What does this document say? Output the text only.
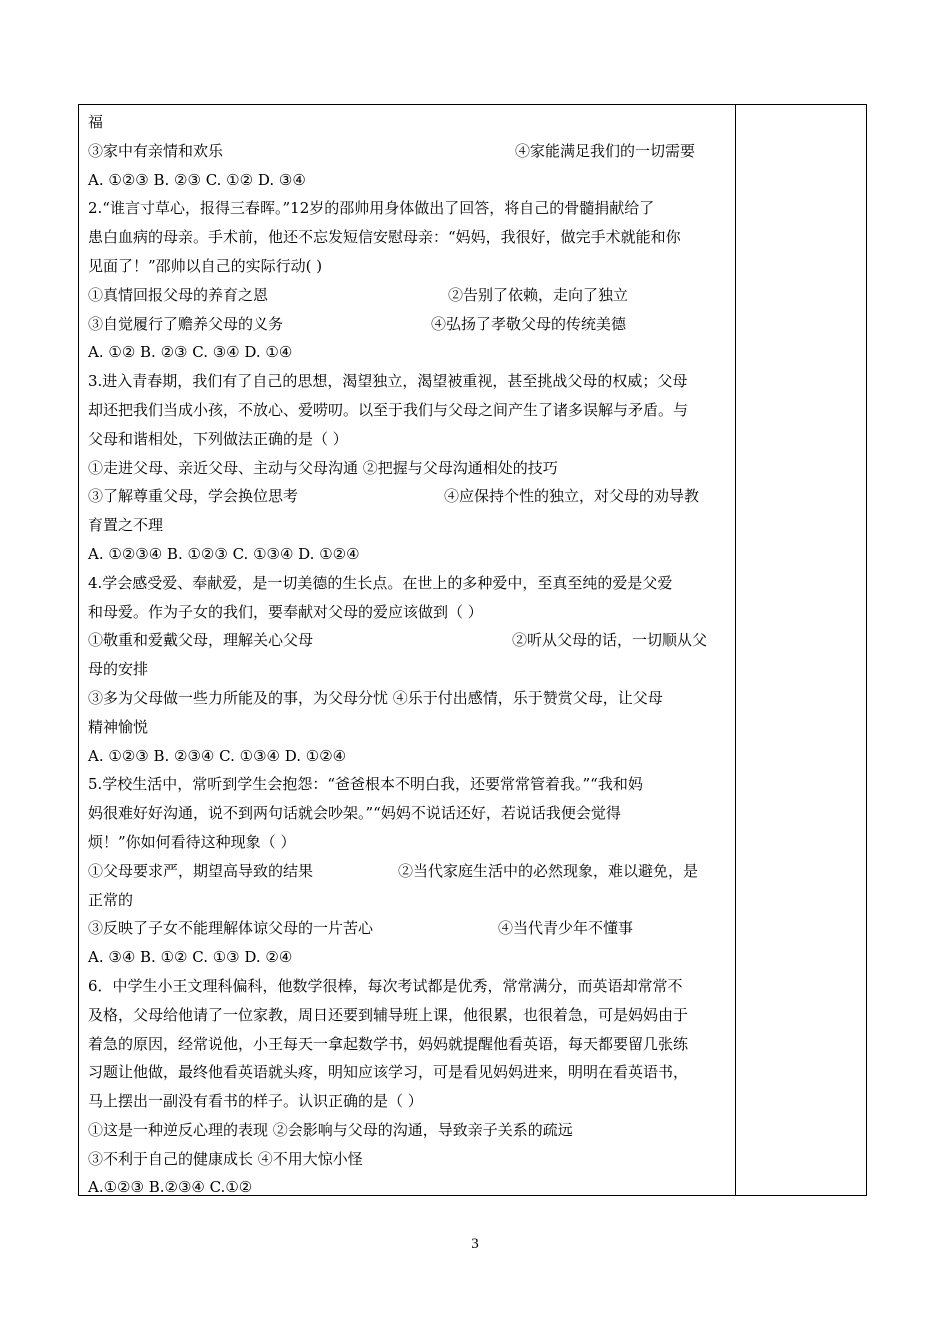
福
③家中有亲情和欢乐	④家能满足我们的一切需要
A. ①②③ B. ②③ C. ①② D. ③④
2.“谁言寸草心，报得三春晖。”12岁的邵帅用身体做出了回答，将自己的骨髓捐献给了
患白血病的母亲。手术前，他还不忘发短信安慰母亲：“妈妈，我很好，做完手术就能和你
见面了！”邵帅以自己的实际行动( )
①真情回报父母的养育之恩	②告别了依赖，走向了独立
③自觉履行了赡养父母的义务	④弘扬了孝敬父母的传统美德
A. ①② B. ②③ C. ③④ D. ①④
3.进入青春期，我们有了自己的思想，渴望独立，渴望被重视，甚至挑战父母的权威；父母
却还把我们当成小孩，不放心、爱唠叨。以至于我们与父母之间产生了诸多误解与矛盾。与
父母和谐相处，下列做法正确的是（ ）
①走进父母、亲近父母、主动与父母沟通 ②把握与父母沟通相处的技巧
③了解尊重父母，学会换位思考	④应保持个性的独立，对父母的劝导教
育置之不理
A. ①②③④ B. ①②③ C. ①③④ D. ①②④
4.学会感受爱、奉献爱，是一切美德的生长点。在世上的多种爱中，至真至纯的爱是父爱
和母爱。作为子女的我们，要奉献对父母的爱应该做到（ ）
①敬重和爱戴父母，理解关心父母	②听从父母的话，一切顺从父
母的安排
③多为父母做一些力所能及的事，为父母分忧 ④乐于付出感情，乐于赞赏父母，让父母
精神愉悦
A. ①②③ B. ②③④ C. ①③④ D. ①②④
5.学校生活中，常听到学生会抱怨：“爸爸根本不明白我，还要常常管着我。”“我和妈
妈很难好好沟通，说不到两句话就会吵架。”“妈妈不说话还好，若说话我便会觉得
烦！”你如何看待这种现象（ ）
①父母要求严，期望高导致的结果	②当代家庭生活中的必然现象，难以避免，是
正常的
③反映了子女不能理解体谅父母的一片苦心	④当代青少年不懂事
A. ③④ B. ①② C. ①③ D. ②④
6．中学生小王文理科偏科，他数学很棒，每次考试都是优秀，常常满分，而英语却常常不
及格，父母给他请了一位家教，周日还要到辅导班上课，他很累，也很着急，可是妈妈由于
着急的原因，经常说他，小王每天一拿起数学书，妈妈就提醒他看英语，每天都要留几张练
习题让他做，最终他看英语就头疼，明知应该学习，可是看见妈妈进来，明明在看英语书，
马上摆出一副没有看书的样子。认识正确的是（ ）
①这是一种逆反心理的表现 ②会影响与父母的沟通，导致亲子关系的疏远
③不利于自己的健康成长 ④不用大惊小怪
A.①②③ B.②③④ C.①②
3
